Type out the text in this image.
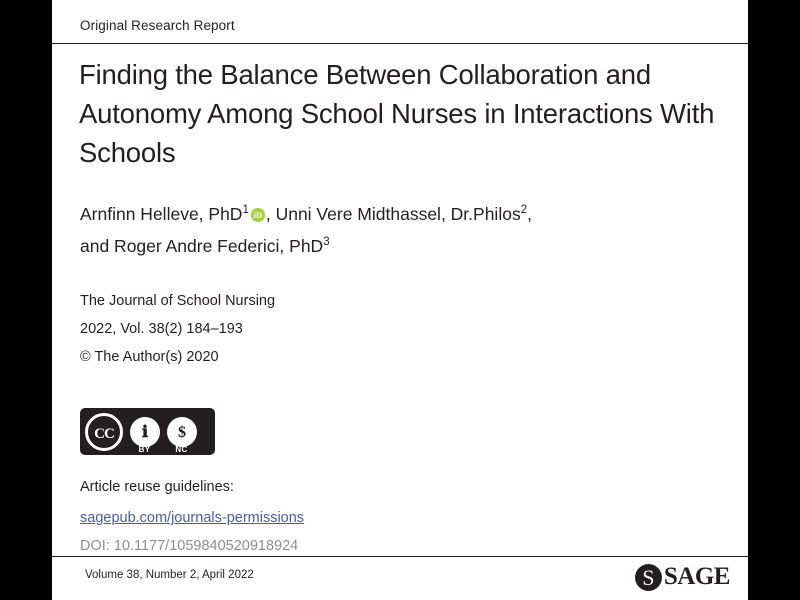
Original Research Report
Finding the Balance Between Collaboration and Autonomy Among School Nurses in Interactions With Schools
Arnfinn Helleve, PhD$^1$ iD , Unni Vere Midthassel, Dr.Philos$^2$,
and Roger Andre Federici, PhD$^3$
The Journal of School Nursing
2022, Vol. 38(2) 184–193
© The Author(s) 2020
CC	ℹ	$
BY	NC
Article reuse guidelines:
sagepub.com/journals-permissions
DOI: 10.1177/1059840520918924
Volume 38, Number 2, April 2022 S	SAGE
